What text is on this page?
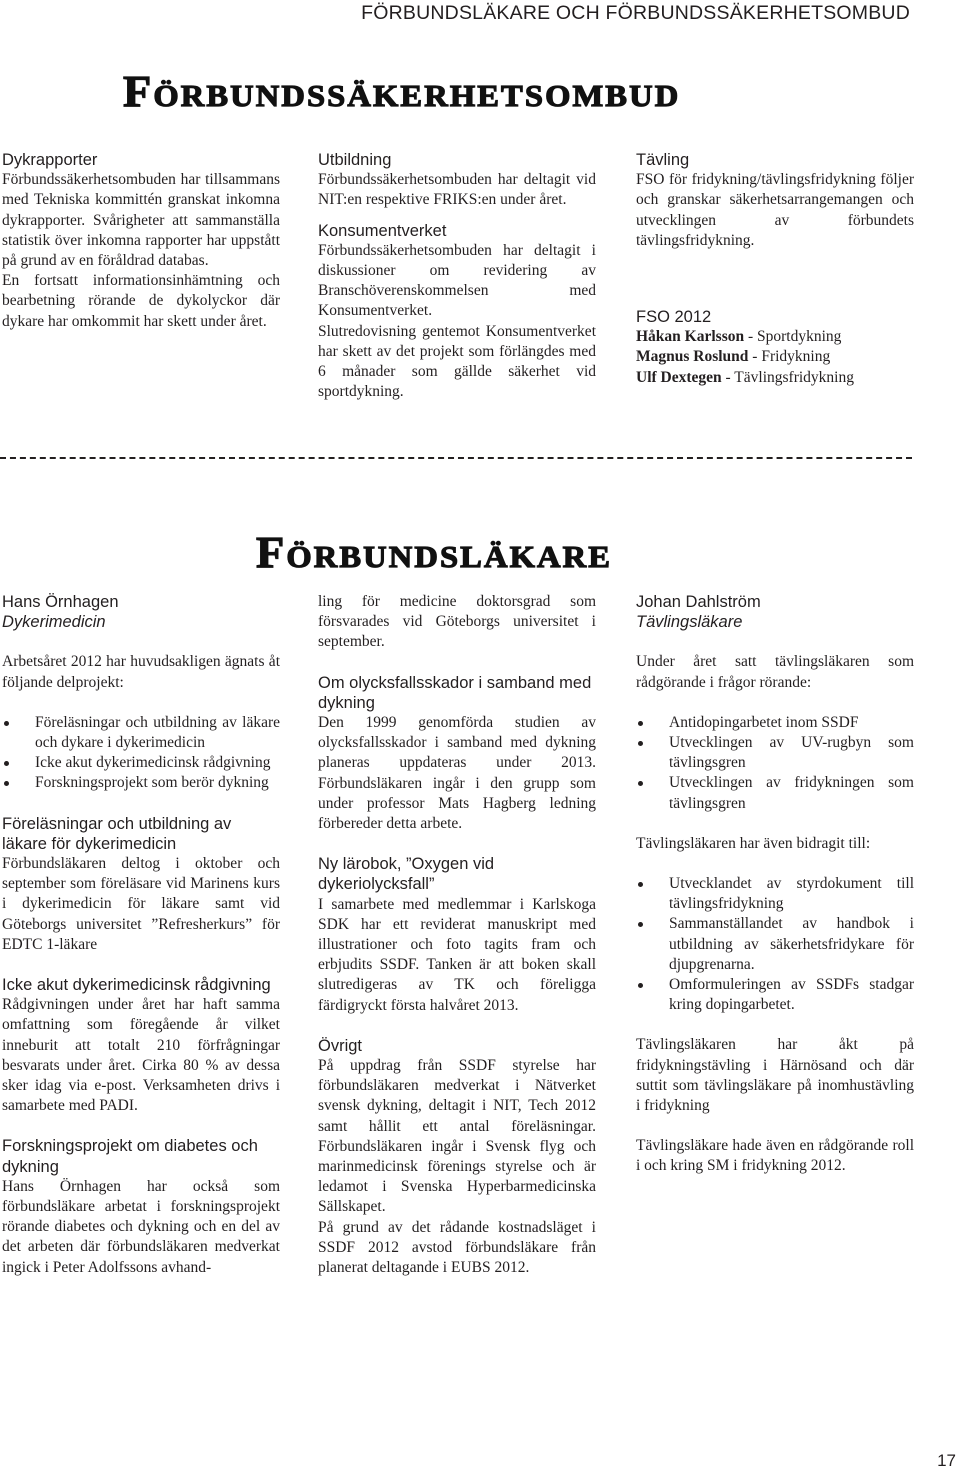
FÖRBUNDSLÄKARE OCH FÖRBUNDSSÄKERHETSOMBUD
Förbundssäkerhetsombud
Dykrapporter

Förbundssäkerhetsombuden har tillsammans med Tekniska kommittén granskat inkomna dykrapporter. Svårigheter att sammanställa statistik över inkomna rapporter har uppstått på grund av en föråldrad databas.

En fortsatt informationsinhämtning och bearbetning rörande de dykolyckor där dykare har omkommit har skett under året.

Utbildning

Förbundssäkerhetsombuden har deltagit vid NIT:en respektive FRIKS:en under året.

Konsumentverket

Förbundssäkerhetsombuden har deltagit i diskussioner om revidering av Branschöverenskommelsen med Konsumentverket.

Slutredovisning gentemot Konsumentverket har skett av det projekt som förlängdes med 6 månader som gällde säkerhet vid sportdykning.

Tävling

FSO för fridykning/tävlingsfridykning följer och granskar säkerhetsarrangemangen och utvecklingen av förbundets tävlingsfridykning.

FSO 2012

Håkan Karlsson - Sportdykning

Magnus Roslund - Fridykning

Ulf Dextegen - Tävlingsfridykning

Förbundsläkare
Hans Örnhagen
Dykerimedicin

Arbetsåret 2012 har huvudsakligen ägnats åt följande delprojekt:

Föreläsningar och utbildning av läkare och dykare i dykerimedicin
Icke akut dykerimedicinsk rådgivning
Forskningsprojekt som berör dykning
Föreläsningar och utbildning av läkare för dykerimedicin

Förbundsläkaren deltog i oktober och september som föreläsare vid Marinens kurs i dykerimedicin för läkare samt vid Göteborgs universitet ”Refresherkurs” för EDTC 1-läkare

Icke akut dykerimedicinsk rådgivning

Rådgivningen under året har haft samma omfattning som föregående år vilket inneburit att totalt 210 förfrågningar besvarats under året. Cirka 80 % av dessa sker idag via e-post. Verksamheten drivs i samarbete med PADI.

Forskningsprojekt om diabetes och dykning

Hans Örnhagen har också som förbundsläkare arbetat i forskningsprojekt rörande diabetes och dykning och en del av det arbeten där förbundsläkaren medverkat ingick i Peter Adolfssons avhand-

ling för medicine doktorsgrad som försvarades vid Göteborgs universitet i september.

Om olycksfallsskador i samband med dykning

Den 1999 genomförda studien av olycksfallsskador i samband med dykning planeras uppdateras under 2013. Förbundsläkaren ingår i den grupp som under professor Mats Hagberg ledning förbereder detta arbete.

Ny lärobok, ”Oxygen vid dykeriolycksfall”

I samarbete med medlemmar i Karlskoga SDK har ett reviderat manuskript med illustrationer och foto tagits fram och erbjudits SSDF. Tanken är att boken skall slutredigeras av TK och föreligga färdigryckt första halvåret 2013.

Övrigt

På uppdrag från SSDF styrelse har förbundsläkaren medverkat i Nätverket svensk dykning, deltagit i NIT, Tech 2012 samt hållit ett antal föreläsningar. Förbundsläkaren ingår i Svensk flyg och marinmedicinsk förenings styrelse och är ledamot i Svenska Hyperbarmedicinska Sällskapet.

På grund av det rådande kostnadsläget i SSDF 2012 avstod förbundsläkare från planerat deltagande i EUBS 2012.

Johan Dahlström
Tävlingsläkare

Under året satt tävlingsläkaren som rådgörande i frågor rörande:

Antidopingarbetet inom SSDF
Utvecklingen av UV-rugbyn som tävlingsgren
Utvecklingen av fridykningen som tävlingsgren

Tävlingsläkaren har även bidragit till:

Utvecklandet av styrdokument till tävlingsfridykning
Sammanställandet av handbok i utbildning av säkerhetsfridykare för djupgrenarna.
Omformuleringen av SSDFs stadgar kring dopingarbetet.

Tävlingsläkaren har åkt på fridykningstävling i Härnösand och där suttit som tävlingsläkare på inomhustävling i fridykning

Tävlingsläkare hade även en rådgörande roll i och kring SM i fridykning 2012.

17
